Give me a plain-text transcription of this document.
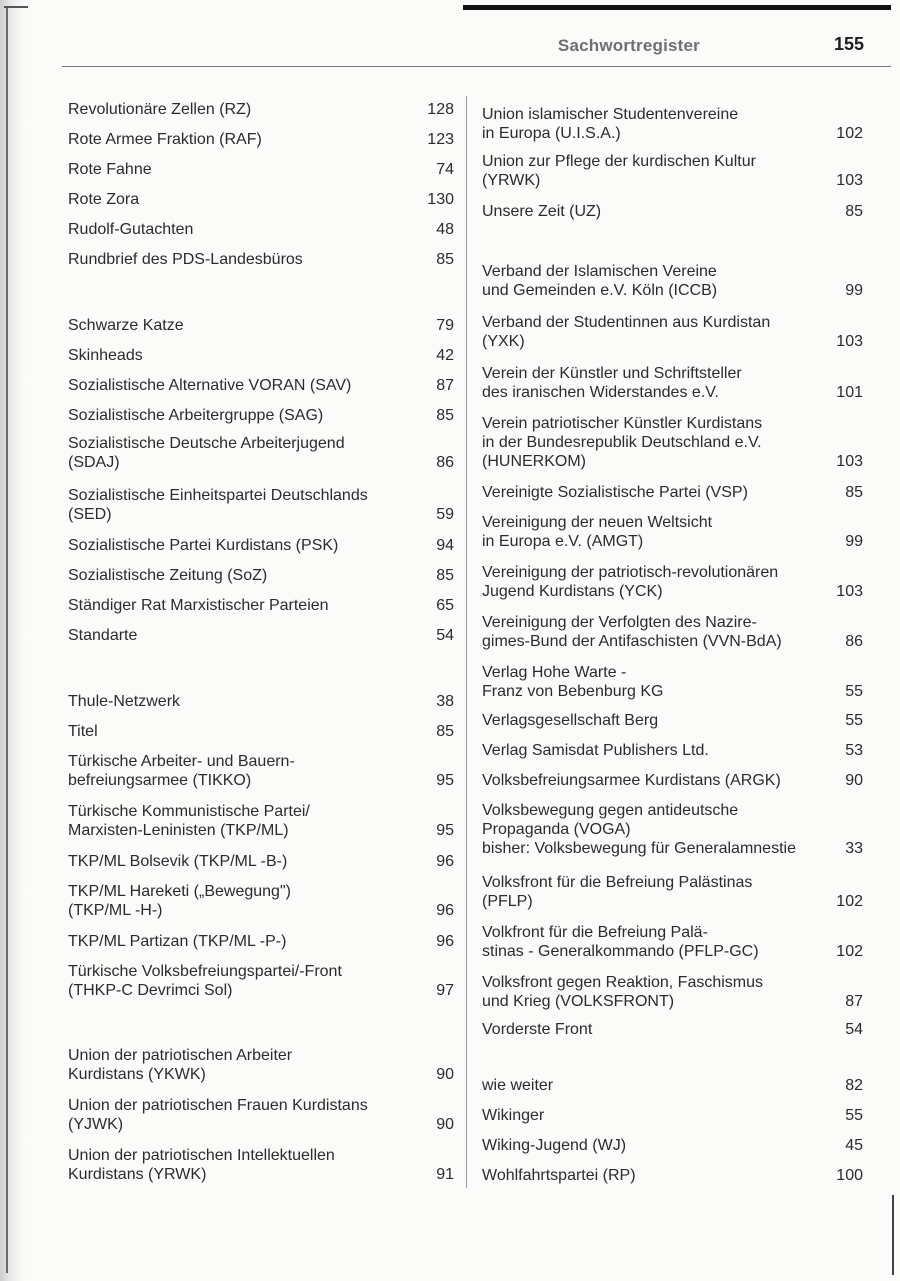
Sachwortregister	155
Revolutionäre Zellen (RZ)	128
Rote Armee Fraktion (RAF)	123
Rote Fahne	74
Rote Zora	130
Rudolf-Gutachten	48
Rundbrief des PDS-Landesbüros	85
Schwarze Katze	79
Skinheads	42
Sozialistische Alternative VORAN (SAV)	87
Sozialistische Arbeitergruppe (SAG)	85
Sozialistische Deutsche Arbeiterjugend
(SDAJ)	86
Sozialistische Einheitspartei Deutschlands
(SED)	59
Sozialistische Partei Kurdistans (PSK)	94
Sozialistische Zeitung (SoZ)	85
Ständiger Rat Marxistischer Parteien	65
Standarte	54
Thule-Netzwerk	38
Titel	85
Türkische Arbeiter- und Bauern-
befreiungsarmee (TIKKO)	95
Türkische Kommunistische Partei/
Marxisten-Leninisten (TKP/ML)	95
TKP/ML Bolsevik (TKP/ML -B-)	96
TKP/ML Hareketi („Bewegung")
(TKP/ML -H-)	96
TKP/ML Partizan (TKP/ML -P-)	96
Türkische Volksbefreiungspartei/-Front
(THKP-C Devrimci Sol)	97
Union der patriotischen Arbeiter
Kurdistans (YKWK)	90
Union der patriotischen Frauen Kurdistans
(YJWK)	90
Union der patriotischen Intellektuellen
Kurdistans (YRWK)	91
Union islamischer Studentenvereine
in Europa (U.I.S.A.)	102
Union zur Pflege der kurdischen Kultur
(YRWK)	103
Unsere Zeit (UZ)	85
Verband der Islamischen Vereine
und Gemeinden e.V. Köln (ICCB)	99
Verband der Studentinnen aus Kurdistan
(YXK)	103
Verein der Künstler und Schriftsteller
des iranischen Widerstandes e.V.	101
Verein patriotischer Künstler Kurdistans
in der Bundesrepublik Deutschland e.V.
(HUNERKOM)	103
Vereinigte Sozialistische Partei (VSP)	85
Vereinigung der neuen Weltsicht
in Europa e.V. (AMGT)	99
Vereinigung der patriotisch-revolutionären
Jugend Kurdistans (YCK)	103
Vereinigung der Verfolgten des Nazire-
gimes-Bund der Antifaschisten (VVN-BdA)	86
Verlag Hohe Warte -
Franz von Bebenburg KG	55
Verlagsgesellschaft Berg	55
Verlag Samisdat Publishers Ltd.	53
Volksbefreiungsarmee Kurdistans (ARGK)	90
Volksbewegung gegen antideutsche
Propaganda (VOGA)
bisher: Volksbewegung für Generalamnestie	33
Volksfront für die Befreiung Palästinas
(PFLP)	102
Volkfront für die Befreiung Palä-
stinas - Generalkommando (PFLP-GC)	102
Volksfront gegen Reaktion, Faschismus
und Krieg (VOLKSFRONT)	87
Vorderste Front	54
wie weiter	82
Wikinger	55
Wiking-Jugend (WJ)	45
Wohlfahrtspartei (RP)	100
